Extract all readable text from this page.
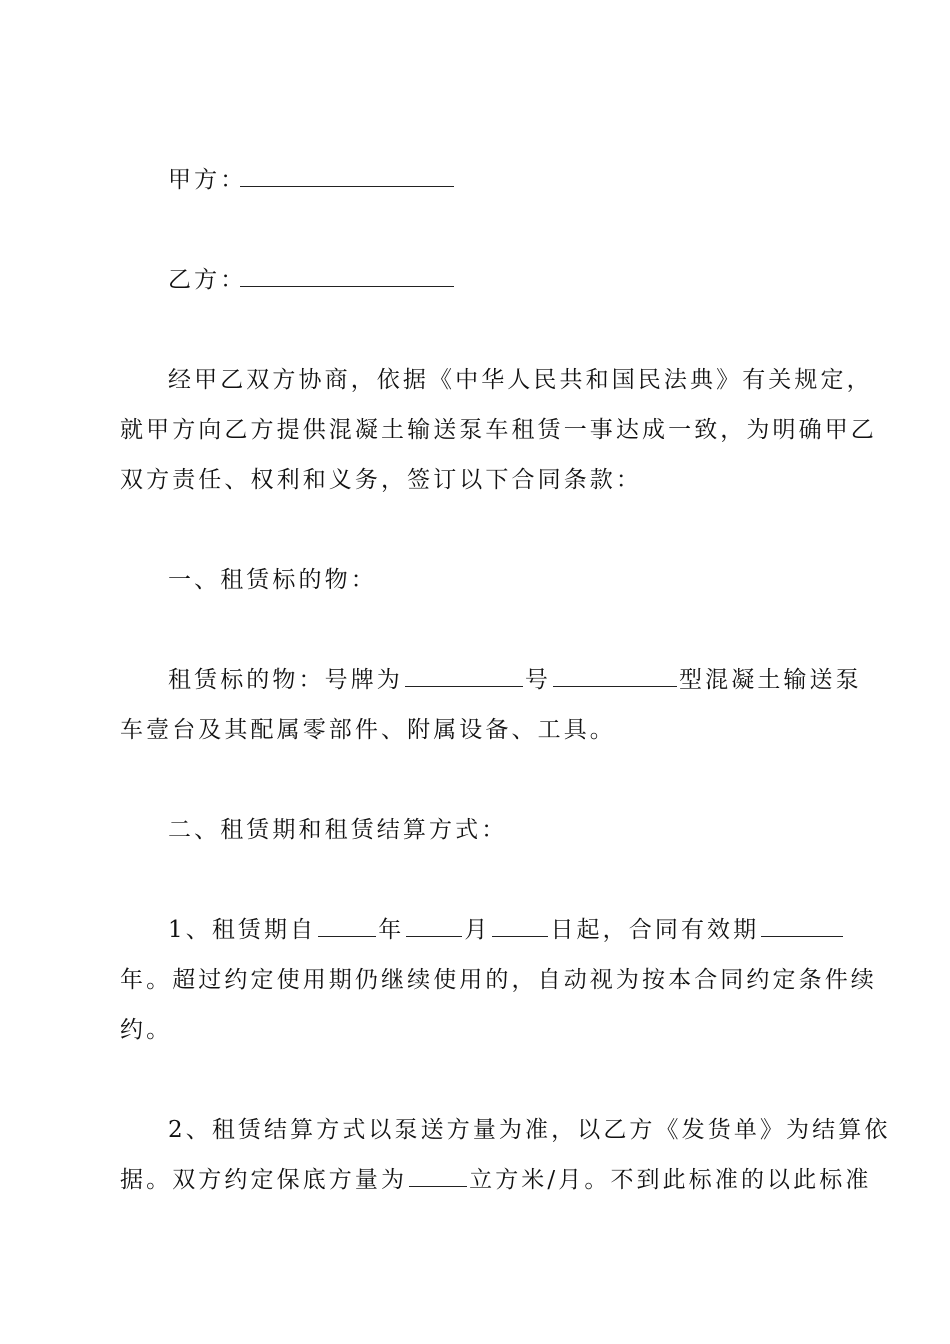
甲方：
乙方：
经甲乙双方协商，依据《中华人民共和国民法典》有关规定，
就甲方向乙方提供混凝土输送泵车租赁一事达成一致，为明确甲乙
双方责任、权利和义务，签订以下合同条款：
一、租赁标的物：
租赁标的物：号牌为	号	型混凝土输送泵
车壹台及其配属零部件、附属设备、工具。
二、租赁期和租赁结算方式：
1、租赁期自	年	月	日起，合同有效期
年。超过约定使用期仍继续使用的，自动视为按本合同约定条件续
约。
2、租赁结算方式以泵送方量为准，以乙方《发货单》为结算依
据。双方约定保底方量为	立方米/月。不到此标准的以此标准
